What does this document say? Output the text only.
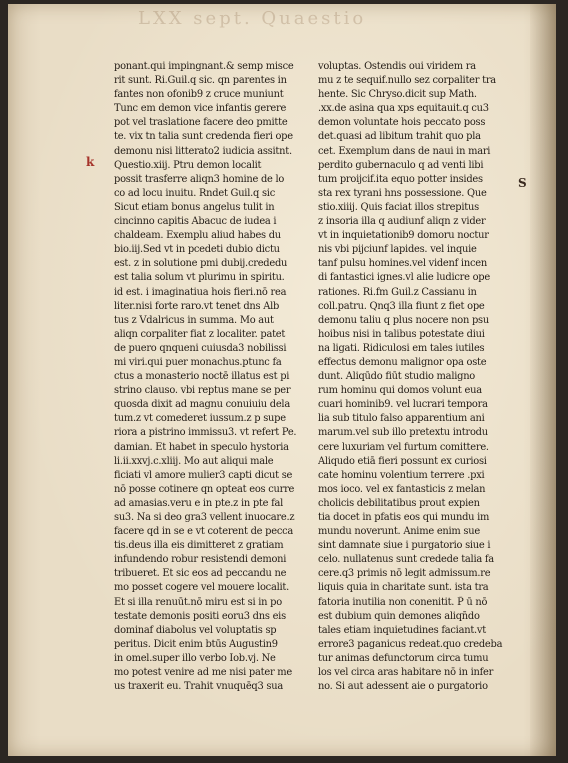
LXX sept. Quaestio
k
S
ponant.qui impingnant.& semp misce
rit sunt. Ri.Guil.q sic. qn parentes in
fantes non ofonib9 z cruce muniunt
Tunc em demon vice infantis gerere
pot vel traslatione facere deo pmitte
te. vix tn talia sunt credenda fieri ope
demonu nisi litterato2 iudicia assitnt.
Questio.xiij. Ptru demon localit
possit trasferre aliqn3 homine de lo
co ad locu inuitu. Rndet Guil.q sic
Sicut etiam bonus angelus tulit in
cincinno capitis Abacuc de iudea i
chaldeam. Exemplu aliud habes du
bio.iij.Sed vt in pcedeti dubio dictu
est. z in solutione pmi dubij.crededu
est talia solum vt plurimu in spiritu.
id est. i imaginatiua hois fieri.nō rea
liter.nisi forte raro.vt tenet dns Alb
tus z Vdalricus in summa. Mo aut
aliqn corpaliter fiat z localiter. patet
de puero qnqueni cuiusda3 nobilissi
mi viri.qui puer monachus.ptunc fa
ctus a monasterio noctē illatus est pi
strino clauso. vbi reptus mane se per
quosda dixit ad magnu conuiuiu dela
tum.z vt comederet iussum.z p supe
riora a pistrino immissu3. vt refert Pe.
damian. Et habet in speculo hystoria
li.ii.xxvj.c.xliij. Mo aut aliqui male
ficiati vl amore mulier3 capti dicut se
nō posse cotinere qn opteat eos curre
ad amasias.veru e in pte.z in pte fal
su3. Na si deo gra3 vellent inuocare.z
facere qd in se e vt coterent de pecca
tis.deus illa eis dimitteret z gratiam
infundendo robur resistendi demoni
tribueret. Et sic eos ad peccandu ne
mo posset cogere vel mouere localit.
Et si illa renuūt.nō miru est si in po
testate demonis positi eoru3 dns eis
dominaf diabolus vel voluptatis sp
peritus. Dicit enim btūs Augustin9
in omel.super illo verbo Iob.vj. Ne
mo potest venire ad me nisi pater me
us traxerit eu. Trahit vnuquēq3 sua
voluptas. Ostendis oui viridem ra
mu z te sequif.nullo sez corpaliter tra
hente. Sic Chryso.dicit sup Math.
.xx.de asina qua xps equitauit.q cu3
demon voluntate hois peccato poss
det.quasi ad libitum trahit quo pla
cet. Exemplum dans de naui in mari
perdito gubernaculo q ad venti libi
tum proijcif.ita equo potter insides
sta rex tyrani hns possessione. Que
stio.xiiij. Quis faciat illos strepitus
z insoria illa q audiunf aliqn z vider
vt in inquietationib9 domoru noctur
nis vbi pijciunf lapides. vel inquie
tanf pulsu homines.vel videnf incen
di fantastici ignes.vl alie ludicre ope
rationes. Ri.fm Guil.z Cassianu in
coll.patru. Qnq3 illa fiunt z fiet ope
demonu taliu q plus nocere non psu
hoibus nisi in talibus potestate diui
na ligati. Ridiculosi em tales iutiles
effectus demonu malignor opa oste
dunt. Aliqūdo fiūt studio maligno
rum hominu qui domos volunt eua
cuari hominib9. vel lucrari tempora
lia sub titulo falso apparentium ani
marum.vel sub illo pretextu introdu
cere luxuriam vel furtum comittere.
Aliqudo etiā fieri possunt ex curiosi
cate hominu volentium terrere .pxi
mos ioco. vel ex fantasticis z melan
cholicis debilitatibus prout expien
tia docet in pfatis eos qui mundu im
mundu noverunt. Anime enim sue
sint damnate siue i purgatorio siue i
celo. nullatenus sunt credede talia fa
cere.q3 primis nō legit admissum.re
liquis quia in charitate sunt. ista tra
fatoria inutilia non conenitit. P̄ ū nō
est dubium quin demones aliqn̄do
tales etiam inquietudines faciant.vt
errore3 paganicus redeat.quo credeba
tur animas defunctorum circa tumu
los vel circa aras habitare nō in infer
no. Si aut adessent aie o purgatorio
